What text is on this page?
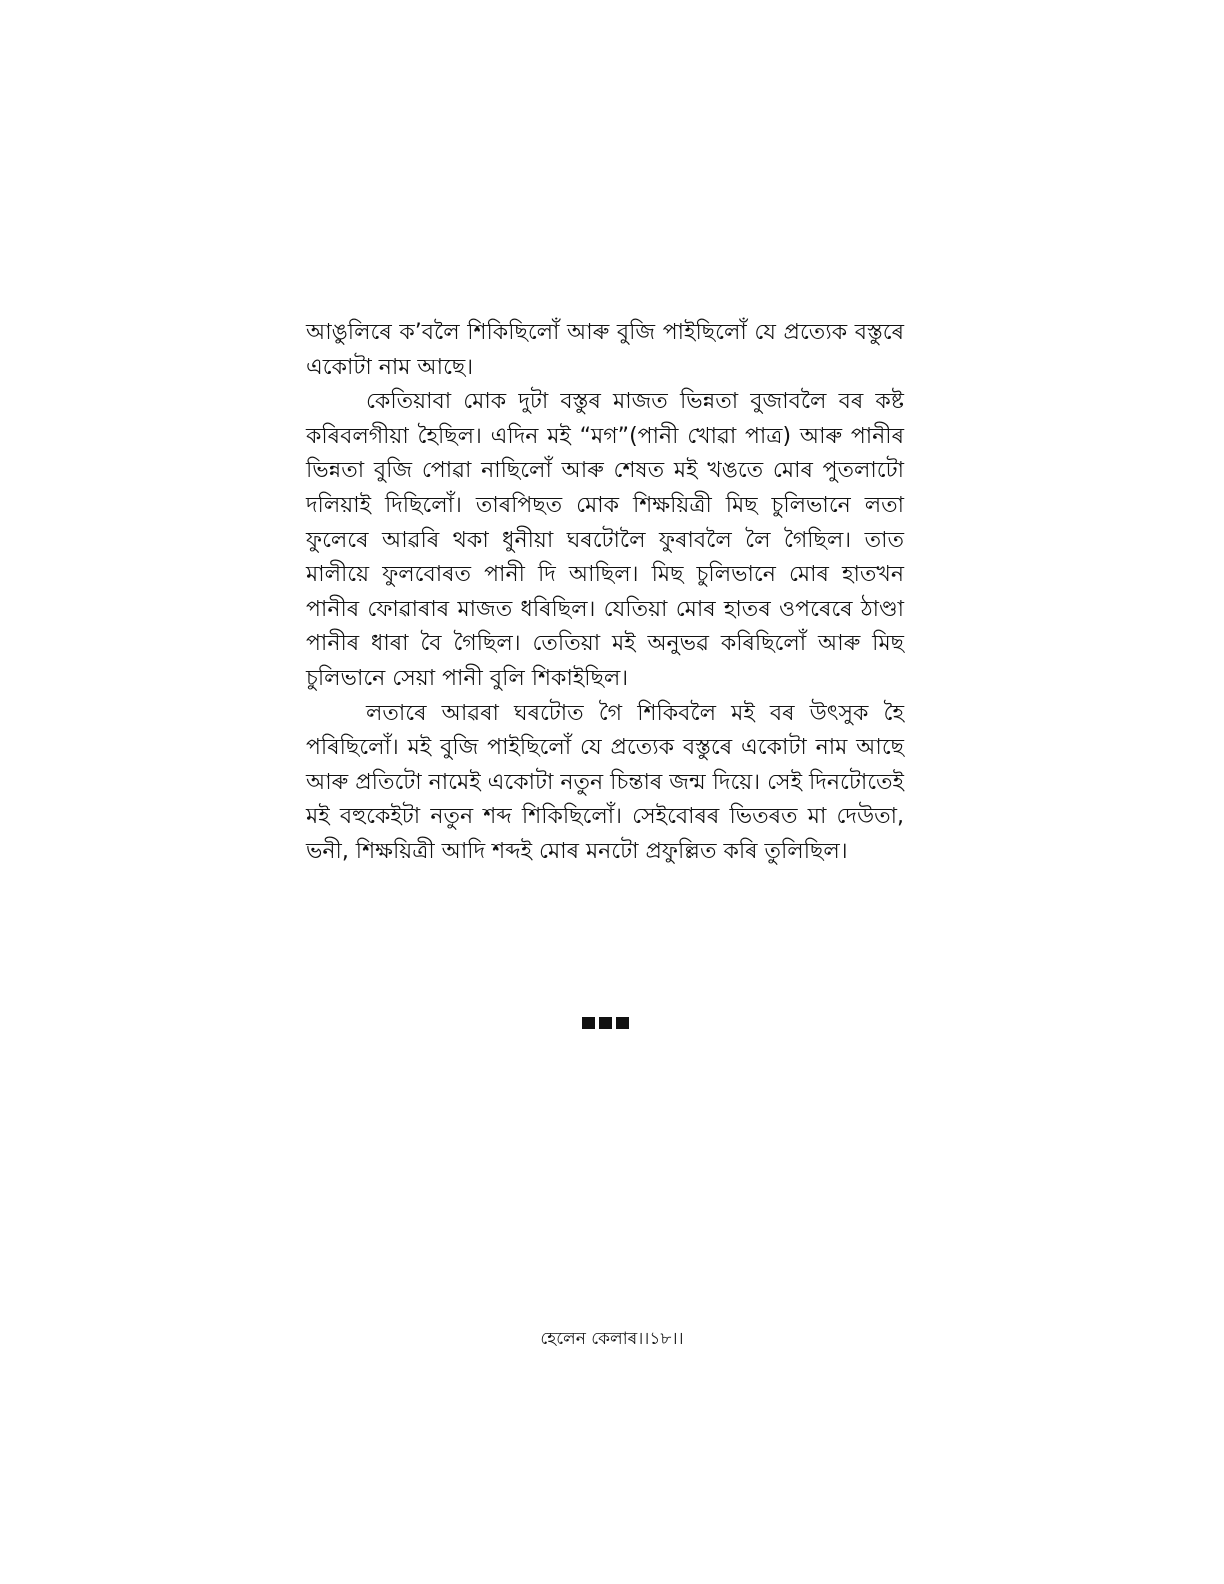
আঙুলিৰে ক’বলৈ শিকিছিলোঁ আৰু বুজি পাইছিলোঁ যে প্ৰত্যেক বস্তুৰে একোটা নাম আছে।

কেতিয়াবা মোক দুটা বস্তুৰ মাজত ভিন্নতা বুজাবলৈ বৰ কষ্ট কৰিবলগীয়া হৈছিল। এদিন মই “মগ”(পানী খোৱা পাত্ৰ) আৰু পানীৰ ভিন্নতা বুজি পোৱা নাছিলোঁ আৰু শেষত মই খঙতে মোৰ পুতলাটো দলিয়াই দিছিলোঁ। তাৰপিছত মোক শিক্ষয়িত্ৰী মিছ চুলিভানে লতা ফুলেৰে আৱৰি থকা ধুনীয়া ঘৰটোলৈ ফুৰাবলৈ লৈ গৈছিল। তাত মালীয়ে ফুলবোৰত পানী দি আছিল। মিছ চুলিভানে মোৰ হাতখন পানীৰ ফোৱাৰাৰ মাজত ধৰিছিল। যেতিয়া মোৰ হাতৰ ওপৰেৰে ঠাণ্ডা পানীৰ ধাৰা বৈ গৈছিল। তেতিয়া মই অনুভৱ কৰিছিলোঁ আৰু মিছ চুলিভানে সেয়া পানী বুলি শিকাইছিল।

লতাৰে আৱৰা ঘৰটোত গৈ শিকিবলৈ মই বৰ উৎসুক হৈ পৰিছিলোঁ। মই বুজি পাইছিলোঁ যে প্ৰত্যেক বস্তুৰে একোটা নাম আছে আৰু প্ৰতিটো নামেই একোটা নতুন চিন্তাৰ জন্ম দিয়ে। সেই দিনটোতেই মই বহুকেইটা নতুন শব্দ শিকিছিলোঁ। সেইবোৰৰ ভিতৰত মা দেউতা, ভনী, শিক্ষয়িত্ৰী আদি শব্দই মোৰ মনটো প্ৰফুল্লিত কৰি তুলিছিল।

হেলেন কেলাৰ।।১৮।।
